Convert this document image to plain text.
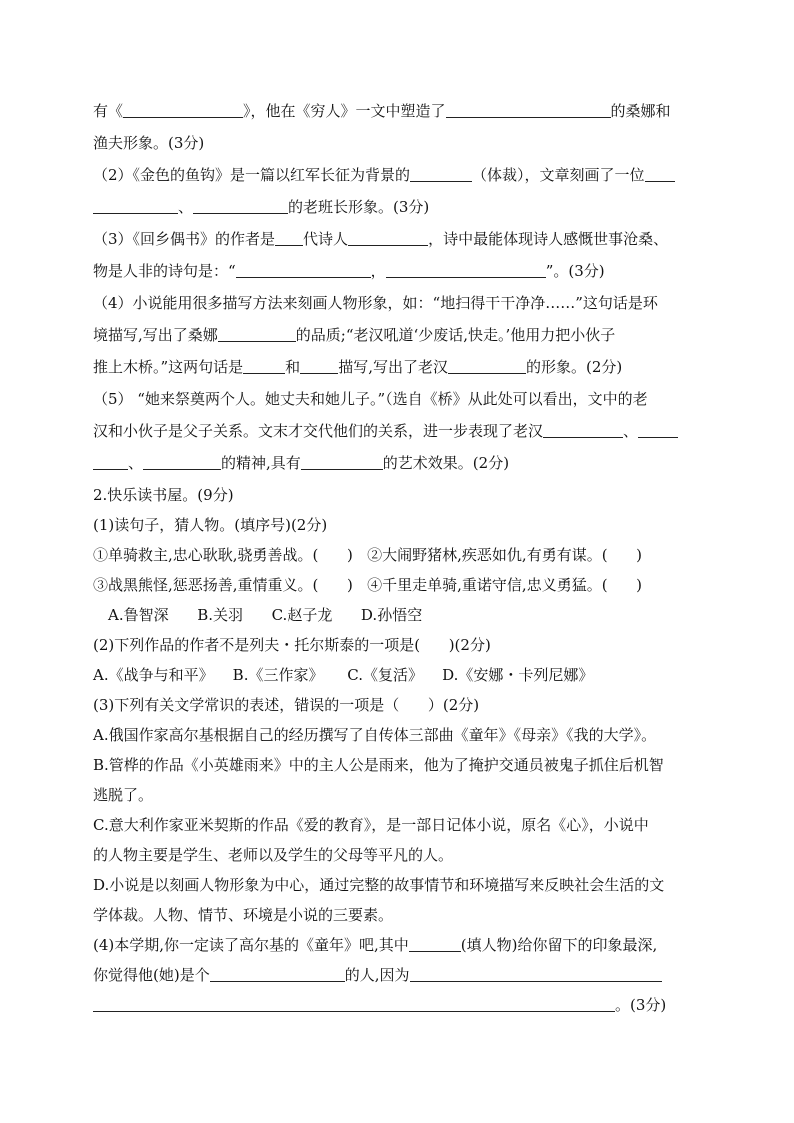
有《	》，他在《穷人》一文中塑造了	的桑娜和
渔夫形象。(3分)
（2）《金色的鱼钩》是一篇以红军长征为背景的	（体裁），文章刻画了一位
、	的老班长形象。(3分)
（3）《回乡偶书》的作者是 代诗人	，诗中最能体现诗人感慨世事沧桑、
物是人非的诗句是：“	，	”。(3分)
（4）小说能用很多描写方法来刻画人物形象，如：“地扫得干干净净……”这句话是环
境描写,写出了桑娜	的品质;“老汉吼道‘少废话,快走。’他用力把小伙子
推上木桥。”这两句话是	和	描写,写出了老汉	的形象。(2分)
（5） “她来祭奠两个人。她丈夫和她儿子。”（选自《桥》从此处可以看出，文中的老
汉和小伙子是父子关系。文末才交代他们的关系，进一步表现了老汉	、
、	的精神,具有	的艺术效果。(2分)
2.快乐读书屋。(9分)
(1)读句子，猜人物。(填序号)(2分)
①单骑救主,忠心耿耿,骁勇善战。(      )   ②大闹野猪林,疾恶如仇,有勇有谋。(      )
③战黑熊怪,惩恶扬善,重情重义。(      )   ④千里走单骑,重诺守信,忠义勇猛。(      )
A.鲁智深      B.关羽      C.赵子龙      D.孙悟空
(2)下列作品的作者不是列夫・托尔斯泰的一项是(      )(2分)
A.《战争与和平》    B.《三作家》     C.《复活》    D.《安娜・卡列尼娜》
(3)下列有关文学常识的表述，错误的一项是（      ）(2分)
A.俄国作家高尔基根据自己的经历撰写了自传体三部曲《童年》《母亲》《我的大学》。
B.管桦的作品《小英雄雨来》中的主人公是雨来，他为了掩护交通员被鬼子抓住后机智
逃脱了。
C.意大利作家亚米契斯的作品《爱的教育》，是一部日记体小说，原名《心》，小说中
的人物主要是学生、老师以及学生的父母等平凡的人。
D.小说是以刻画人物形象为中心，通过完整的故事情节和环境描写来反映社会生活的文
学体裁。人物、情节、环境是小说的三要素。
(4)本学期,你一定读了高尔基的《童年》吧,其中	(填人物)给你留下的印象最深,
你觉得他(她)是个	的人,因为
。(3分)
